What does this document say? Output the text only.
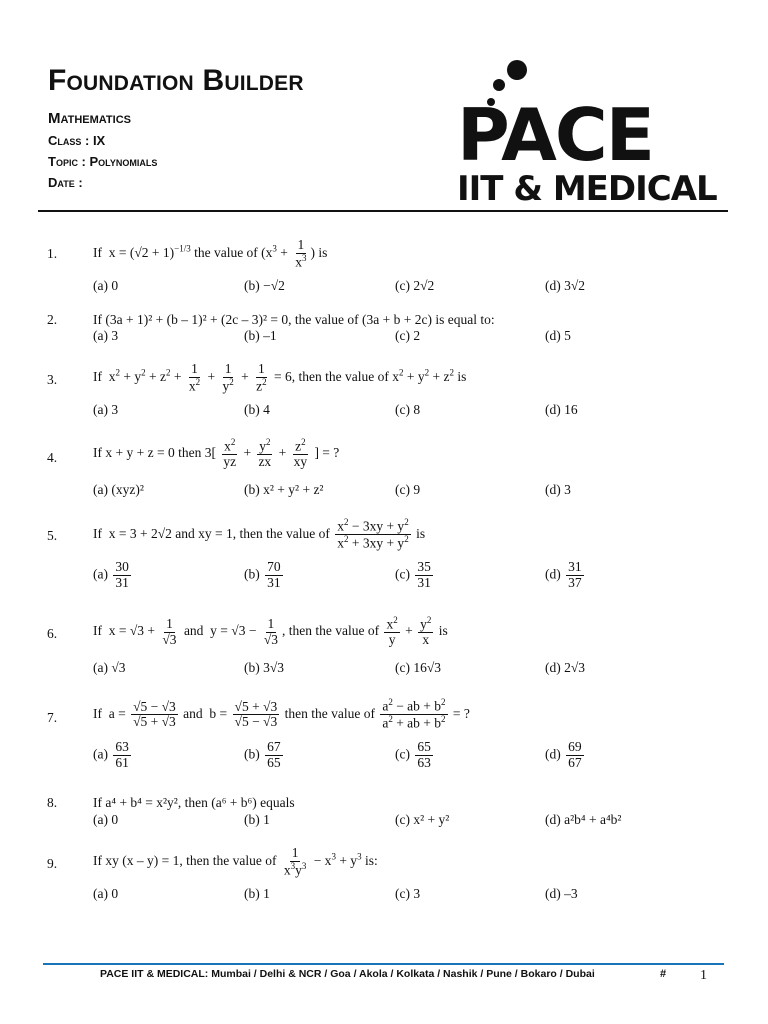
Foundation Builder
Mathematics
Class : IX
Topic : Polynomials
Date :
PACE
IIT & MEDICAL
1.	If  $x = (√2 + 1)^{-1/3}$ the value of ($x^3 + \frac{1}{x^3}$ ) is
(a) 0	(b) −√2	(c) 2√2	(d) 3√2
2.	If (3a + 1)² + (b – 1)² + (2c – 3)² = 0, the value of (3a + b + 2c) is equal to:
(a) 3	(b) –1	(c) 2	(d) 5
3.	If  $x^2 + y^2 + z^2 + \frac{1}{x^2} + \frac{1}{y^2} + \frac{1}{z^2} = 6$, then the value of $x^2 + y^2 + z^2$ is
(a) 3	(b) 4	(c) 8	(d) 16
4.	If x + y + z = 0 then $3[ \frac{x^2}{yz} + \frac{y^2}{zx} + \frac{z^2}{xy}$ ] = ?
(a) (xyz)²	(b) x² + y² + z²	(c) 9	(d) 3
5.	If  x = 3 + 2√2 and xy = 1, then the value of $\frac{x^2 - 3xy + y^2}{x^2 + 3xy + y^2}$ is
$(a) \frac{30}{31}$	$(b) \frac{70}{31}$	$(c) \frac{35}{31}$	$(d) \frac{31}{37}$
6.	If  $x = √3 + \frac{1}{√3}$ and  $y = √3 - \frac{1}{√3}$ , then the value of $\frac{x^2}{y} + \frac{y^2}{x}$ is
(a) √3	(b) 3√3	(c) 16√3	(d) 2√3
7.	If  $a = \frac{√5 - √3}{√5 + √3}$ and  $b = \frac{√5 + √3}{√5 - √3}$ then the value of $\frac{a^2 - ab + b^2}{a^2 + ab + b^2}$ = ?
$(a) \frac{63}{61}$	$(b) \frac{67}{65}$	$(c) \frac{65}{63}$	$(d) \frac{69}{67}$
8.	If a⁴ + b⁴ = x²y², then (a⁶ + b⁶) equals
(a) 0	(b) 1	(c) x² + y²	(d) a²b⁴ + a⁴b²
9.	If xy (x – y) = 1, then the value of $\frac{1}{x^3y^3} - x^3 + y^3$ is:
(a) 0	(b) 1	(c) 3	(d) –3
PACE IIT & MEDICAL: Mumbai / Delhi & NCR / Goa / Akola / Kolkata / Nashik / Pune / Bokaro / Dubai	# 1
